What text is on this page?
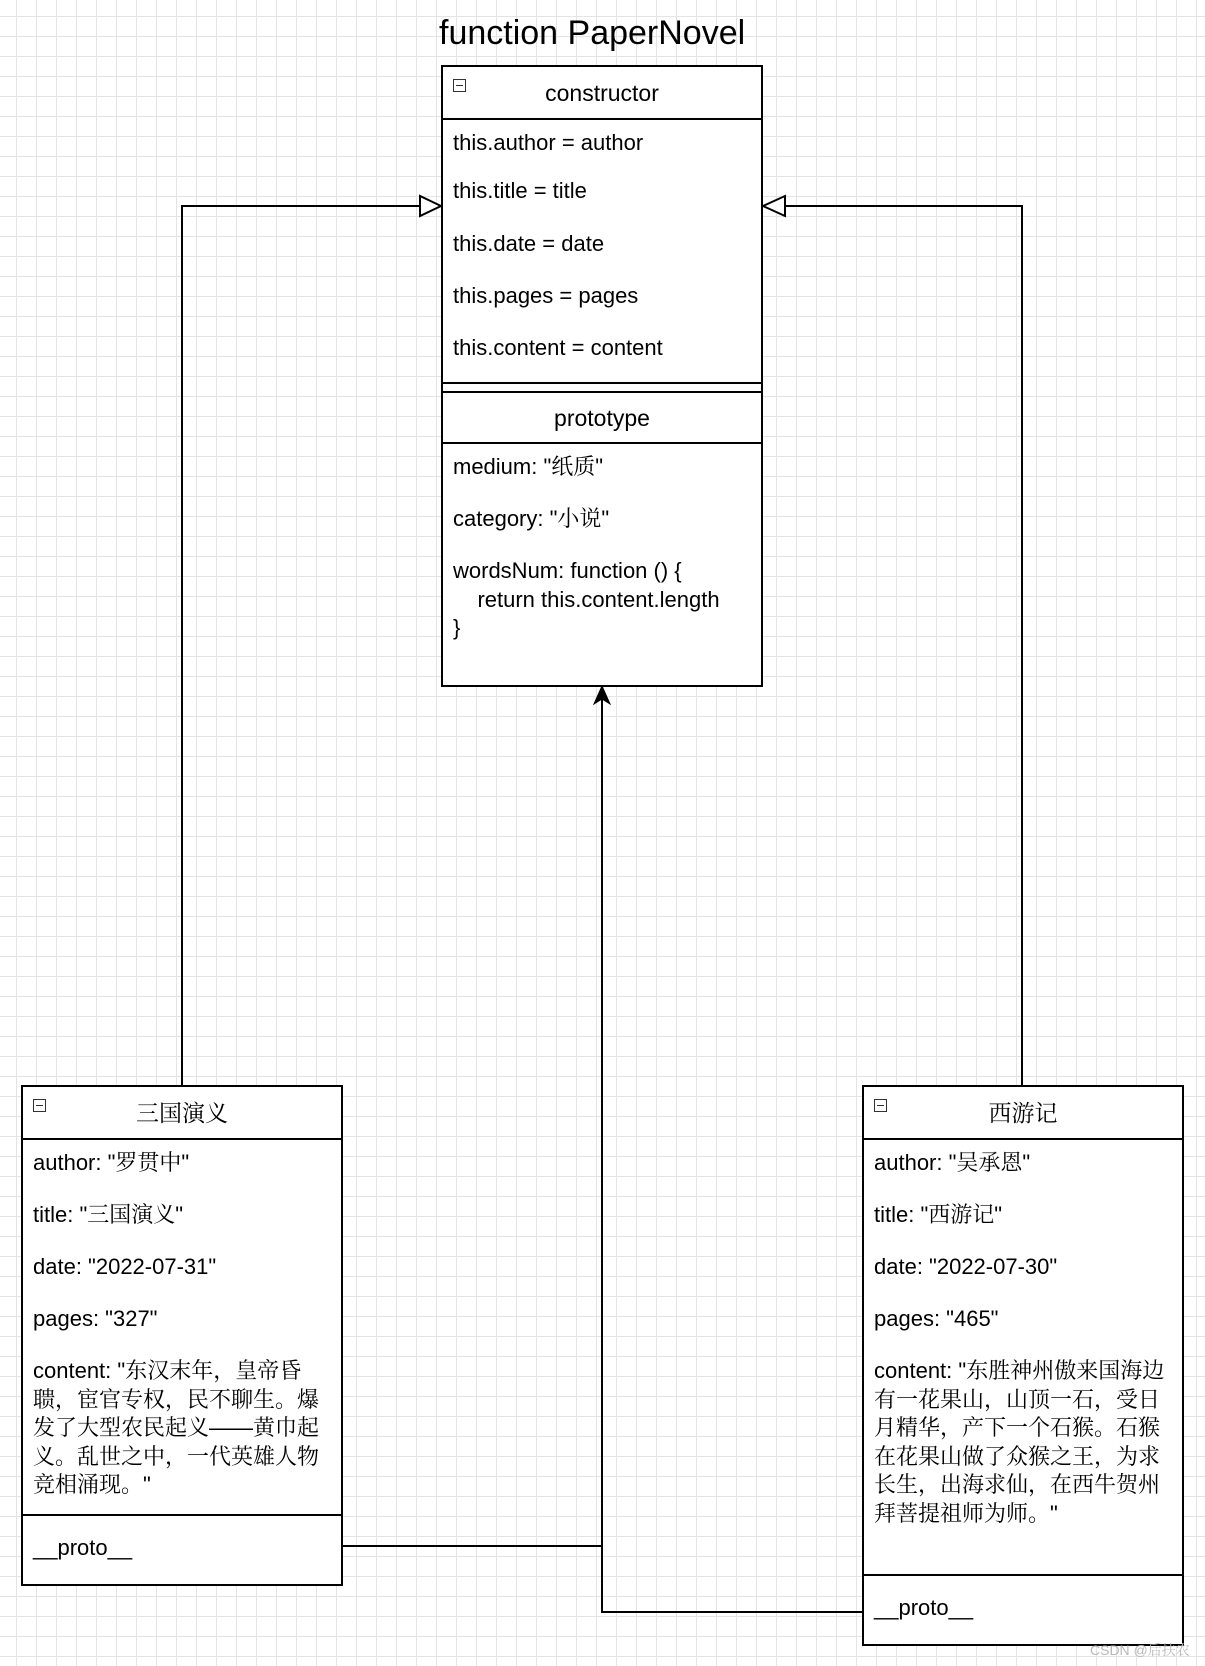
function PaperNovel
constructor
this.author = author
this.title = title
this.date = date
this.pages = pages
this.content = content
prototype
medium: "纸质"
category: "小说"
wordsNum: function () {
return this.content.length
}
三国演义
author: "罗贯中"
title: "三国演义"
date: "2022-07-31"
pages: "327"
content: "东汉末年，皇帝昏聩，宦官专权，民不聊生。爆发了大型农民起义——黄巾起义。乱世之中，一代英雄人物竞相涌现。"
__proto__
西游记
author: "吴承恩"
title: "西游记"
date: "2022-07-30"
pages: "465"
content: "东胜神州傲来国海边有一花果山，山顶一石，受日月精华，产下一个石猴。石猴在花果山做了众猴之王，为求长生，出海求仙，在西牛贺州拜菩提祖师为师。"
__proto__
CSDN @后扶农
